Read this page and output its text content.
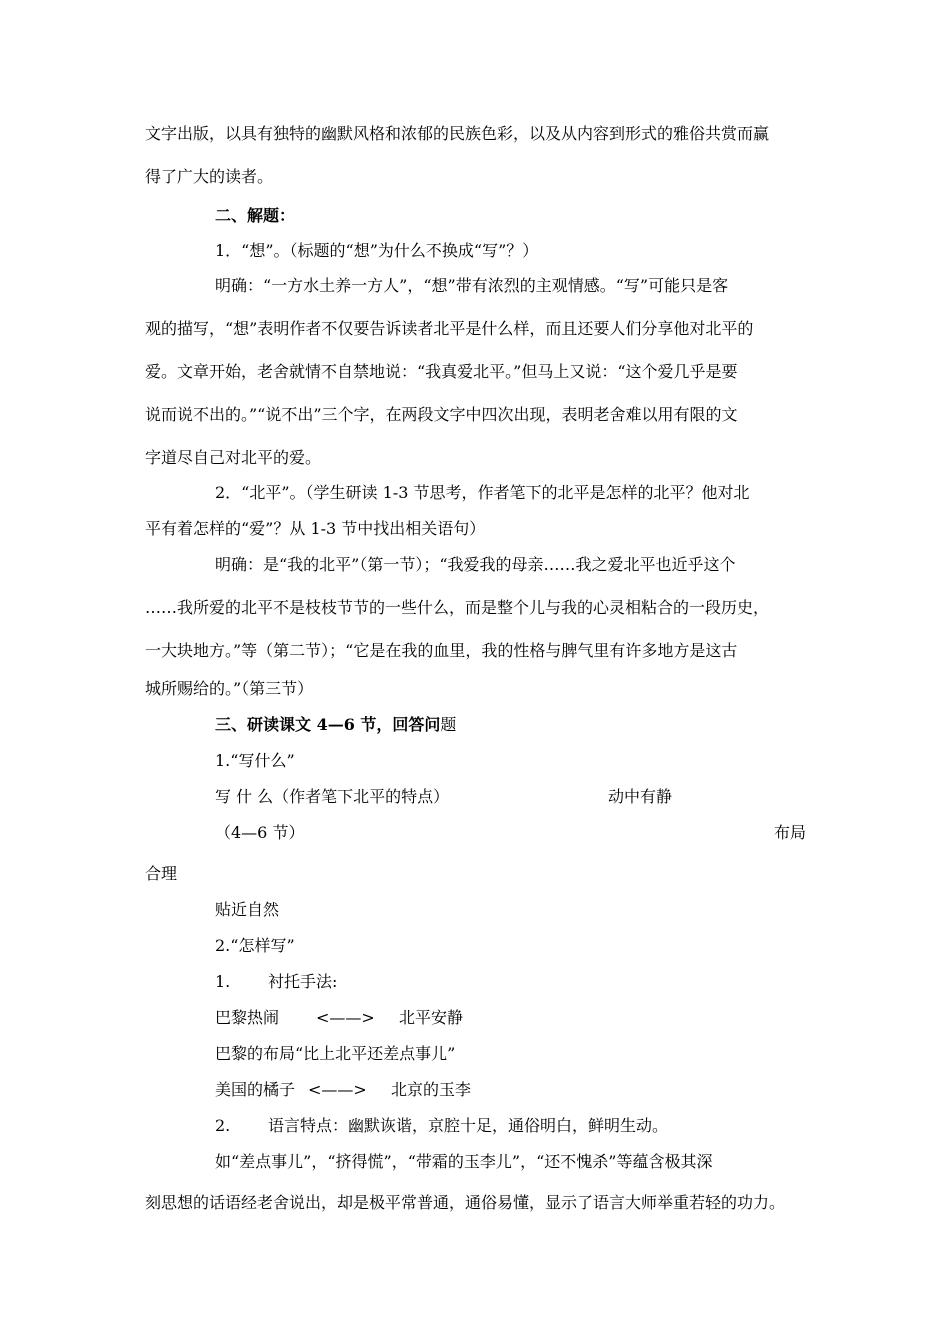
文字出版，以具有独特的幽默风格和浓郁的民族色彩，以及从内容到形式的雅俗共赏而赢
得了广大的读者。
二、解题：
1．“想”。（标题的“想”为什么不换成“写”？）
明确：“一方水土养一方人”，“想”带有浓烈的主观情感。“写”可能只是客
观的描写，“想”表明作者不仅要告诉读者北平是什么样，而且还要人们分享他对北平的
爱。文章开始，老舍就情不自禁地说：“我真爱北平。”但马上又说：“这个爱几乎是要
说而说不出的。”“说不出”三个字，在两段文字中四次出现，表明老舍难以用有限的文
字道尽自己对北平的爱。
2．“北平”。（学生研读 1-3 节思考，作者笔下的北平是怎样的北平？他对北
平有着怎样的“爱”？从 1-3 节中找出相关语句）
明确：是“我的北平”（第一节）；“我爱我的母亲……我之爱北平也近乎这个
……我所爱的北平不是枝枝节节的一些什么，而是整个儿与我的心灵相粘合的一段历史，
一大块地方。”等（第二节）；“它是在我的血里，我的性格与脾气里有许多地方是这古
城所赐给的。”（第三节）
三、研读课文 4—6 节，回答问题
1.“写什么”
写 什 么（作者笔下北平的特点）	动中有静
（4—6 节）	布局
合理
贴近自然
2.“怎样写”
1. 衬托手法:
巴黎热闹 <——> 北平安静
巴黎的布局“比上北平还差点事儿”
美国的橘子 <——> 北京的玉李
2. 语言特点：幽默诙谐，京腔十足，通俗明白，鲜明生动。
如“差点事儿”，“挤得慌”，“带霜的玉李儿”，“还不愧杀”等蕴含极其深
刻思想的话语经老舍说出，却是极平常普通，通俗易懂，显示了语言大师举重若轻的功力。
